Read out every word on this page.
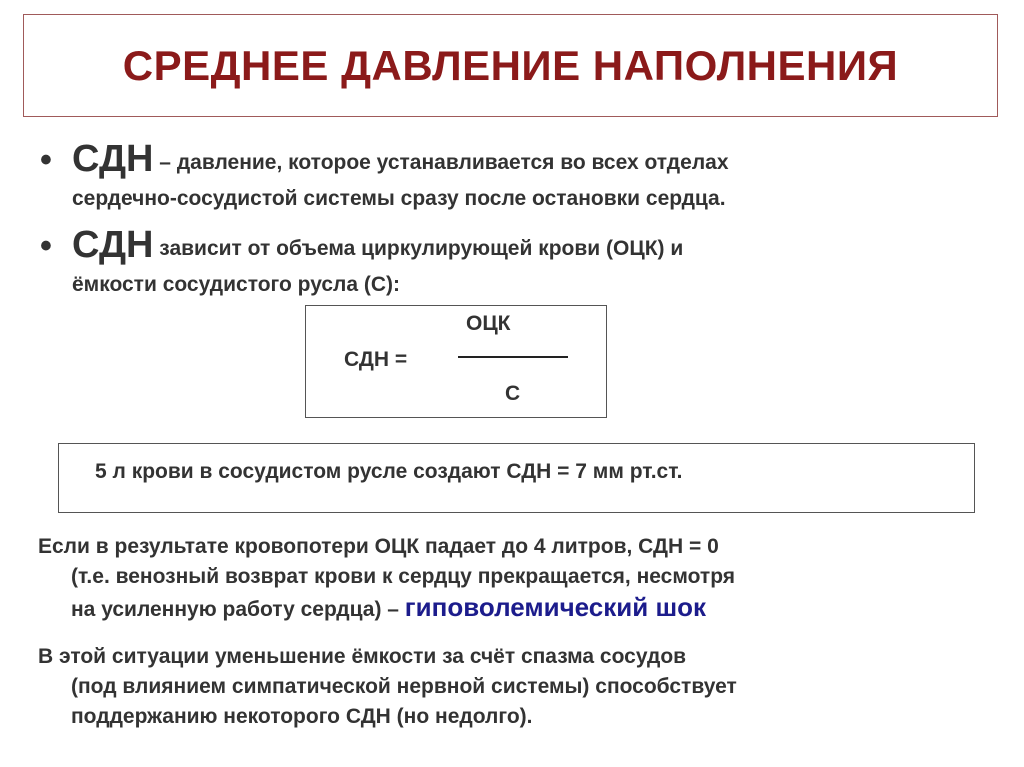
СРЕДНЕЕ ДАВЛЕНИЕ НАПОЛНЕНИЯ
• СДН – давление, которое устанавливается во всех отделах
сердечно-сосудистой системы сразу после остановки сердца.
• СДН зависит от объема циркулирующей крови (ОЦК) и
ёмкости сосудистого русла (С):
СДН =
ОЦК
С
5 л крови в сосудистом русле создают СДН = 7 мм рт.ст.
Если в результате кровопотери ОЦК падает до 4 литров, СДН = 0
(т.е. венозный возврат крови к сердцу прекращается, несмотря
на усиленную работу сердца) – гиповолемический шок
В этой ситуации уменьшение ёмкости за счёт спазма сосудов
(под влиянием симпатической нервной системы) способствует
поддержанию некоторого СДН (но недолго).
